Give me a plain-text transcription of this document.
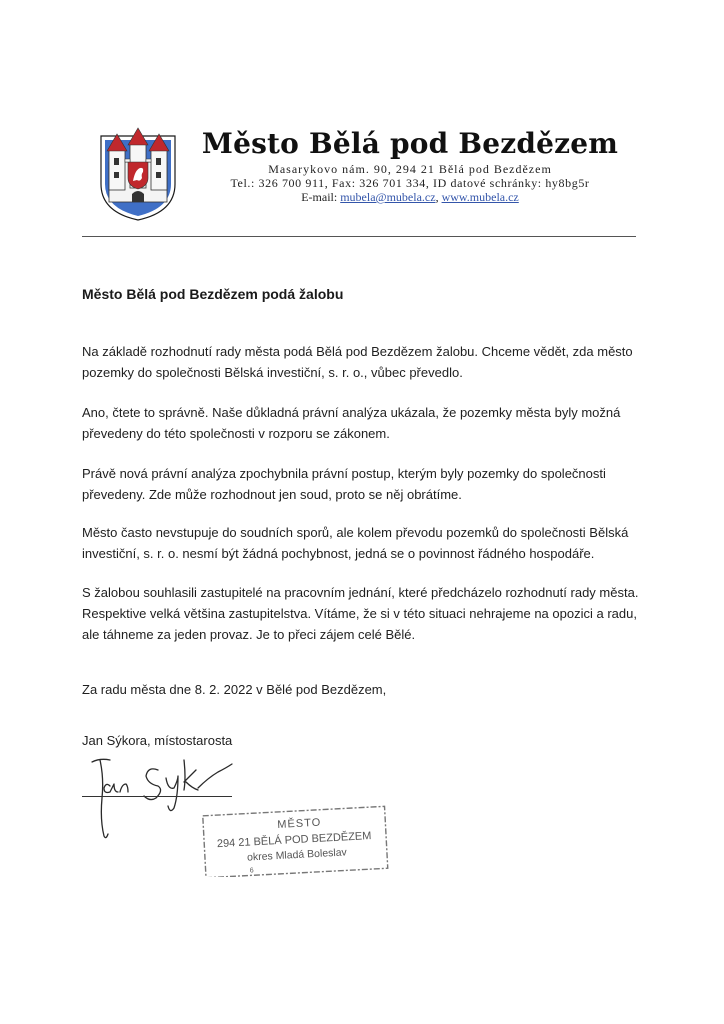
Město Bělá pod Bezdězem
Masarykovo nám. 90, 294 21 Bělá pod Bezdězem
Tel.: 326 700 911, Fax: 326 701 334, ID datové schránky: hy8bg5r
E-mail: mubela@mubela.cz, www.mubela.cz
Město Bělá pod Bezdězem podá žalobu

Na základě rozhodnutí rady města podá Bělá pod Bezdězem žalobu. Chceme vědět, zda město pozemky do společnosti Bělská investiční, s. r. o., vůbec převedlo.

Ano, čtete to správně. Naše důkladná právní analýza ukázala, že pozemky města byly možná převedeny do této společnosti v rozporu se zákonem.

Právě nová právní analýza zpochybnila právní postup, kterým byly pozemky do společnosti převedeny. Zde může rozhodnout jen soud, proto se něj obrátíme.

Město často nevstupuje do soudních sporů, ale kolem převodu pozemků do společnosti Bělská investiční, s. r. o. nesmí být žádná pochybnost, jedná se o povinnost řádného hospodáře.

S žalobou souhlasili zastupitelé na pracovním jednání, které předcházelo rozhodnutí rady města. Respektive velká většina zastupitelstva. Vítáme, že si v této situaci nehrajeme na opozici a radu, ale táhneme za jeden provaz. Je to přeci zájem celé Bělé.

Za radu města dne 8. 2. 2022 v Bělé pod Bezdězem,

Jan Sýkora, místostarosta

MĚSTO
294 21 BĚLÁ POD BEZDĚZEM
okres Mladá Boleslav
6
